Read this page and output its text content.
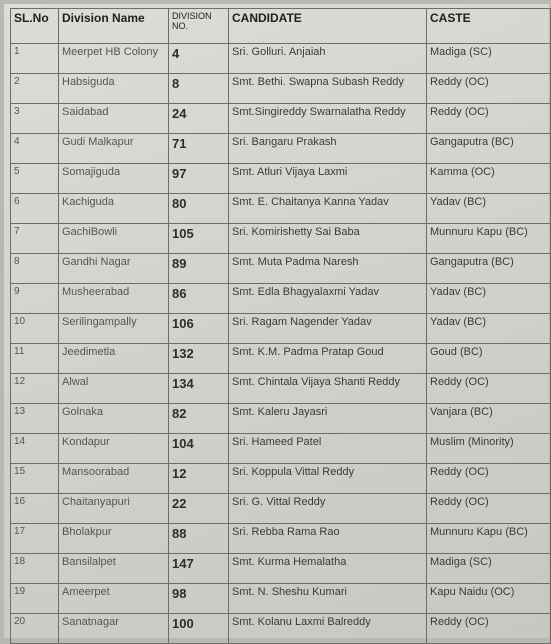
SL.No	Division Name	DIVISION NO.	CANDIDATE	CASTE
1	Meerpet HB Colony	4	Sri. Golluri. Anjaiah	Madiga (SC)
2	Habsiguda	8	Smt. Bethi. Swapna Subash Reddy	Reddy (OC)
3	Saidabad	24	Smt.Singireddy Swarnalatha Reddy	Reddy (OC)
4	Gudi Malkapur	71	Sri. Bangaru Prakash	Gangaputra (BC)
5	Somajiguda	97	Smt. Atluri Vijaya Laxmi	Kamma (OC)
6	Kachiguda	80	Smt. E. Chaitanya Kanna Yadav	Yadav (BC)
7	GachiBowli	105	Sri. Komirishetty Sai Baba	Munnuru Kapu (BC)
8	Gandhi Nagar	89	Smt. Muta Padma Naresh	Gangaputra (BC)
9	Musheerabad	86	Smt. Edla Bhagyalaxmi Yadav	Yadav (BC)
10	Serilingampally	106	Sri. Ragam Nagender Yadav	Yadav (BC)
11	Jeedimetla	132	Smt. K.M. Padma Pratap Goud	Goud (BC)
12	Alwal	134	Smt. Chintala Vijaya Shanti Reddy	Reddy (OC)
13	Golnaka	82	Smt. Kaleru Jayasri	Vanjara (BC)
14	Kondapur	104	Sri. Hameed Patel	Muslim (Minority)
15	Mansoorabad	12	Sri. Koppula Vittal Reddy	Reddy (OC)
16	Chaitanyapuri	22	Sri. G. Vittal Reddy	Reddy (OC)
17	Bholakpur	88	Sri. Rebba Rama Rao	Munnuru Kapu (BC)
18	Bansilalpet	147	Smt. Kurma Hemalatha	Madiga (SC)
19	Ameerpet	98	Smt. N. Sheshu Kumari	Kapu Naidu (OC)
20	Sanatnagar	100	Smt. Kolanu Laxmi Balreddy	Reddy (OC)
